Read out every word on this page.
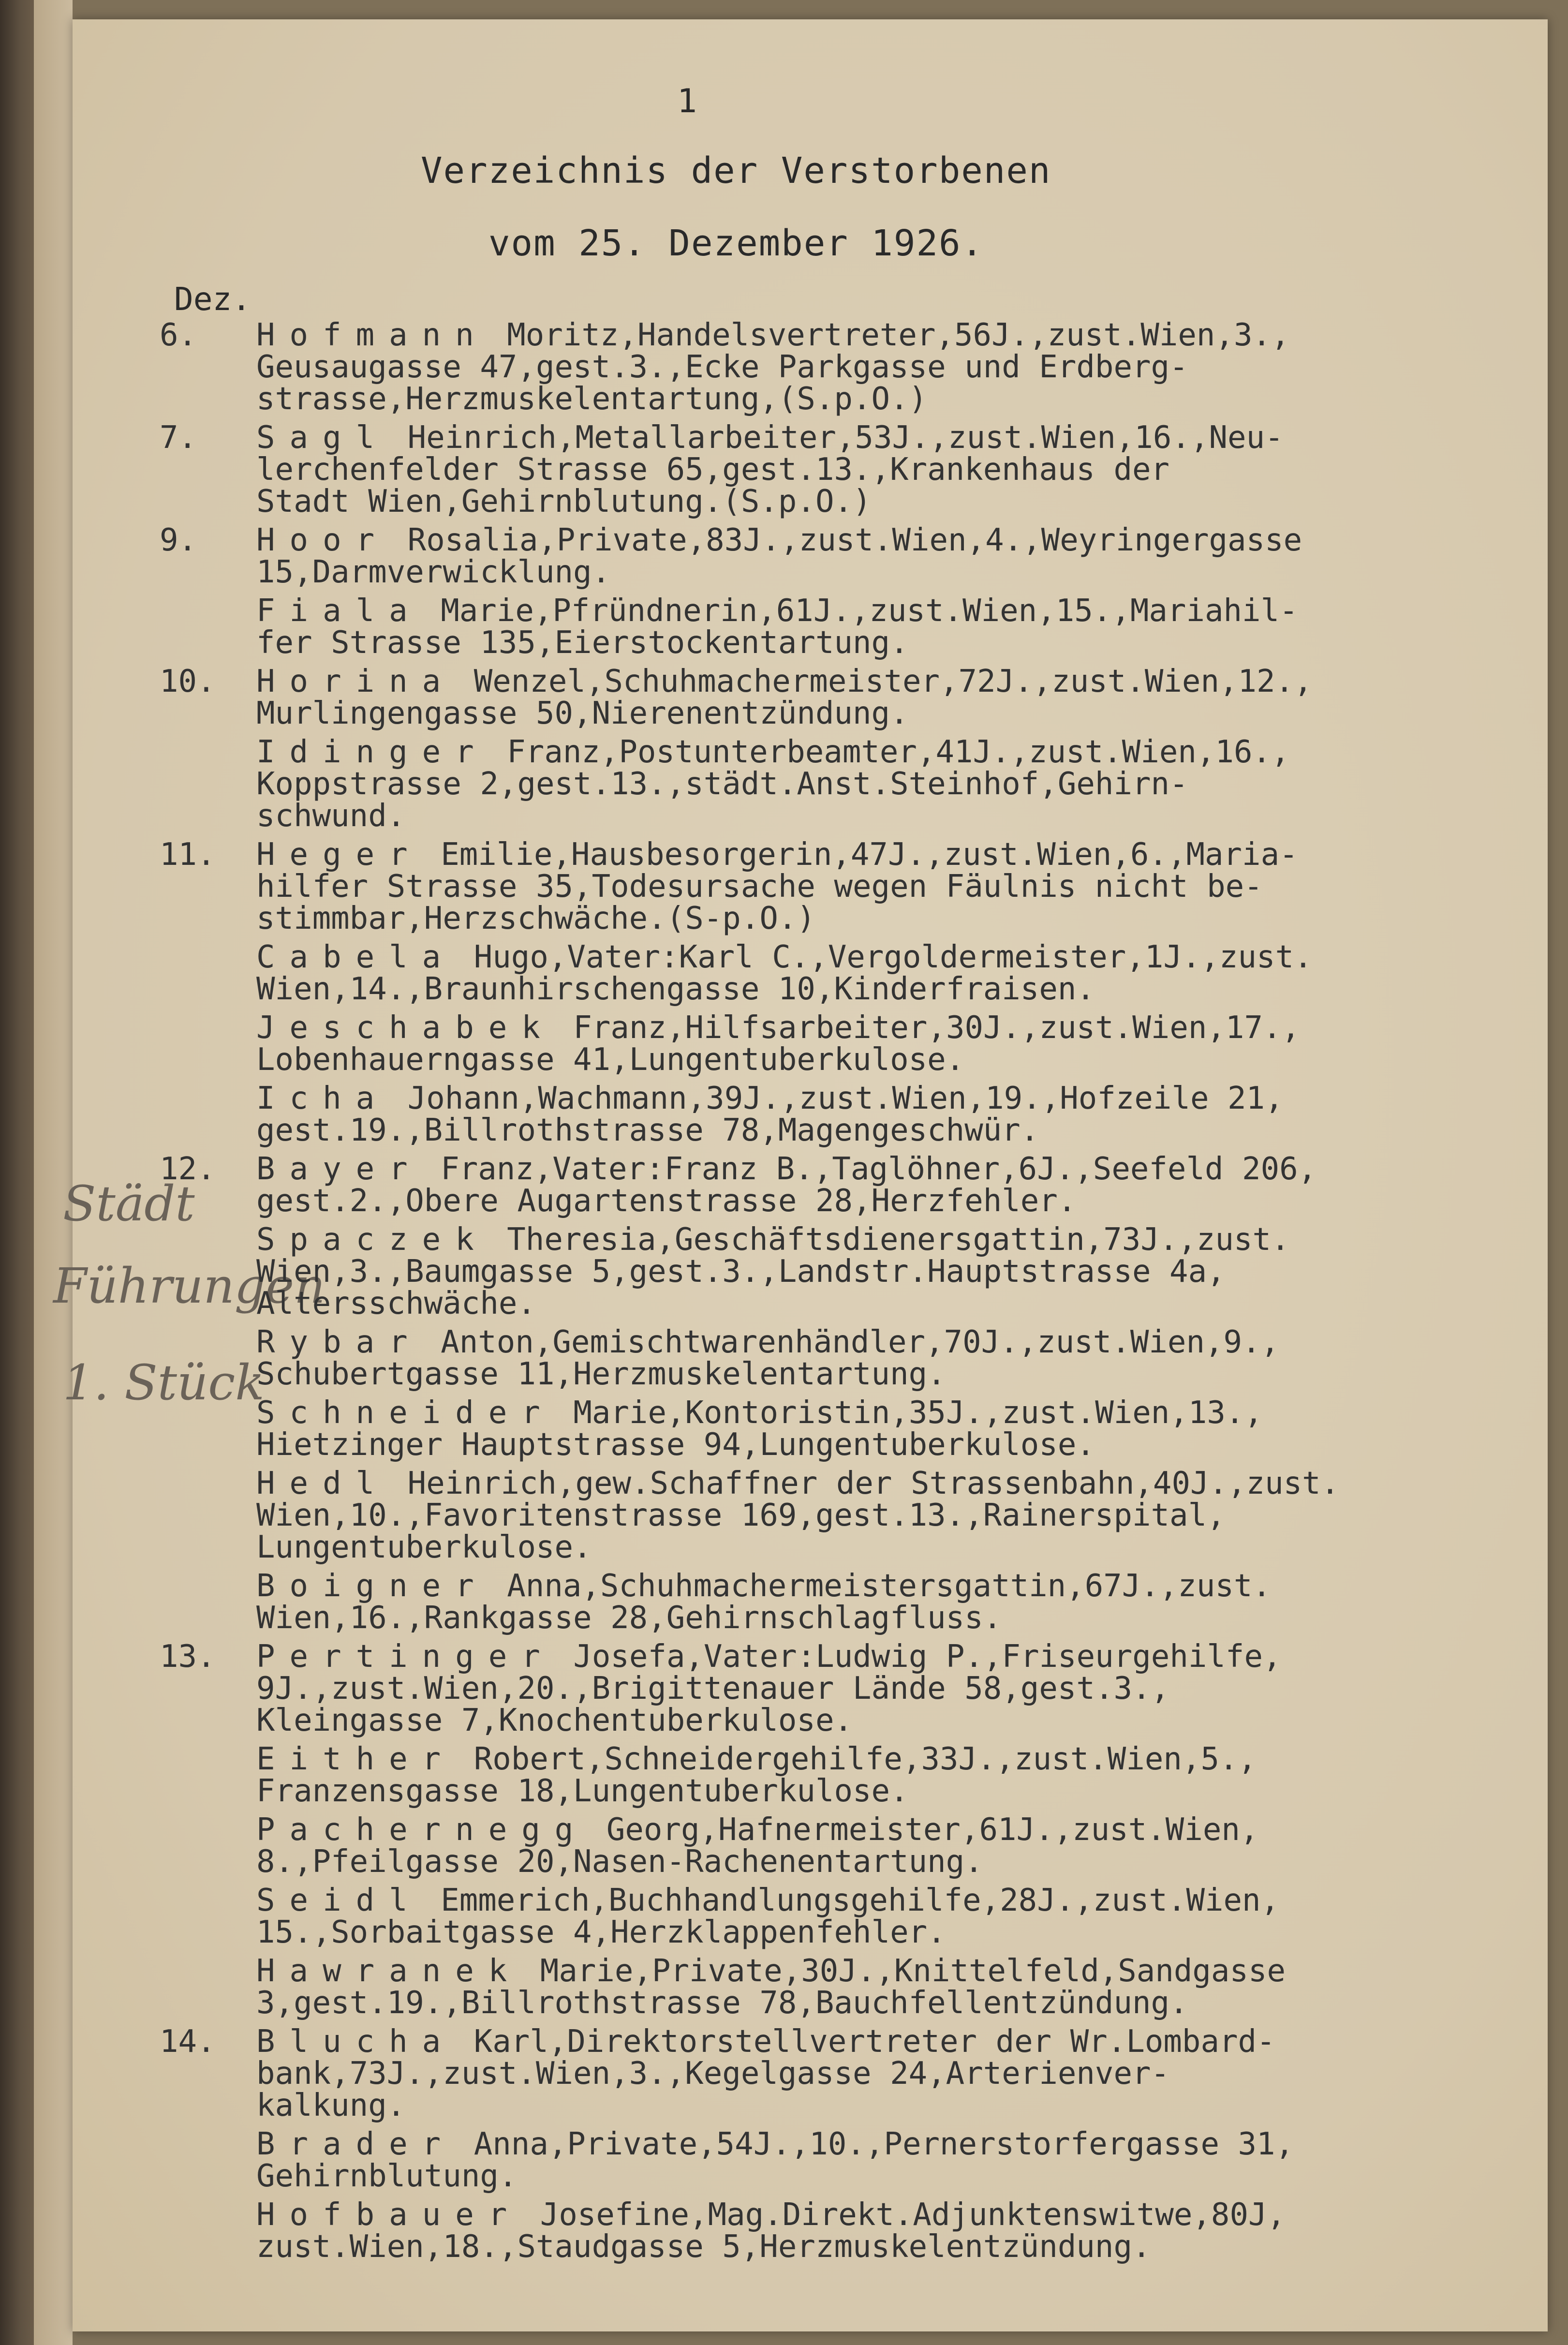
1
Verzeichnis der Verstorbenen
vom 25. Dezember 1926.
Dez.
Städt
Führungen
1. Stück
6.	Hofmann Moritz,Handelsvertreter,56J.,zust.Wien,3.,
Geusaugasse 47,gest.3.,Ecke Parkgasse und Erdberg-
strasse,Herzmuskelentartung,(S.p.O.)
7.	Sagl Heinrich,Metallarbeiter,53J.,zust.Wien,16.,Neu-
lerchenfelder Strasse 65,gest.13.,Krankenhaus der
Stadt Wien,Gehirnblutung.(S.p.O.)
9.	Hoor Rosalia,Private,83J.,zust.Wien,4.,Weyringergasse
15,Darmverwicklung.
Fiala Marie,Pfründnerin,61J.,zust.Wien,15.,Mariahil-
fer Strasse 135,Eierstockentartung.
10.	Horina Wenzel,Schuhmachermeister,72J.,zust.Wien,12.,
Murlingengasse 50,Nierenentzündung.
Idinger Franz,Postunterbeamter,41J.,zust.Wien,16.,
Koppstrasse 2,gest.13.,städt.Anst.Steinhof,Gehirn-
schwund.
11.	Heger Emilie,Hausbesorgerin,47J.,zust.Wien,6.,Maria-
hilfer Strasse 35,Todesursache wegen Fäulnis nicht be-
stimmbar,Herzschwäche.(S-p.O.)
Cabela Hugo,Vater:Karl C.,Vergoldermeister,1J.,zust.
Wien,14.,Braunhirschengasse 10,Kinderfraisen.
Jeschabek Franz,Hilfsarbeiter,30J.,zust.Wien,17.,
Lobenhauerngasse 41,Lungentuberkulose.
Icha Johann,Wachmann,39J.,zust.Wien,19.,Hofzeile 21,
gest.19.,Billrothstrasse 78,Magengeschwür.
12.	Bayer Franz,Vater:Franz B.,Taglöhner,6J.,Seefeld 206,
gest.2.,Obere Augartenstrasse 28,Herzfehler.
Spaczek Theresia,Geschäftsdienersgattin,73J.,zust.
Wien,3.,Baumgasse 5,gest.3.,Landstr.Hauptstrasse 4a,
Altersschwäche.
Rybar Anton,Gemischtwarenhändler,70J.,zust.Wien,9.,
Schubertgasse 11,Herzmuskelentartung.
Schneider Marie,Kontoristin,35J.,zust.Wien,13.,
Hietzinger Hauptstrasse 94,Lungentuberkulose.
Hedl Heinrich,gew.Schaffner der Strassenbahn,40J.,zust.
Wien,10.,Favoritenstrasse 169,gest.13.,Rainerspital,
Lungentuberkulose.
Boigner Anna,Schuhmachermeistersgattin,67J.,zust.
Wien,16.,Rankgasse 28,Gehirnschlagfluss.
13.	Pertinger Josefa,Vater:Ludwig P.,Friseurgehilfe,
9J.,zust.Wien,20.,Brigittenauer Lände 58,gest.3.,
Kleingasse 7,Knochentuberkulose.
Either Robert,Schneidergehilfe,33J.,zust.Wien,5.,
Franzensgasse 18,Lungentuberkulose.
Pachernegg Georg,Hafnermeister,61J.,zust.Wien,
8.,Pfeilgasse 20,Nasen-Rachenentartung.
Seidl Emmerich,Buchhandlungsgehilfe,28J.,zust.Wien,
15.,Sorbaitgasse 4,Herzklappenfehler.
Hawranek Marie,Private,30J.,Knittelfeld,Sandgasse
3,gest.19.,Billrothstrasse 78,Bauchfellentzündung.
14.	Blucha Karl,Direktorstellvertreter der Wr.Lombard-
bank,73J.,zust.Wien,3.,Kegelgasse 24,Arterienver-
kalkung.
Brader Anna,Private,54J.,10.,Pernerstorfergasse 31,
Gehirnblutung.
Hofbauer Josefine,Mag.Direkt.Adjunktenswitwe,80J,
zust.Wien,18.,Staudgasse 5,Herzmuskelentzündung.
